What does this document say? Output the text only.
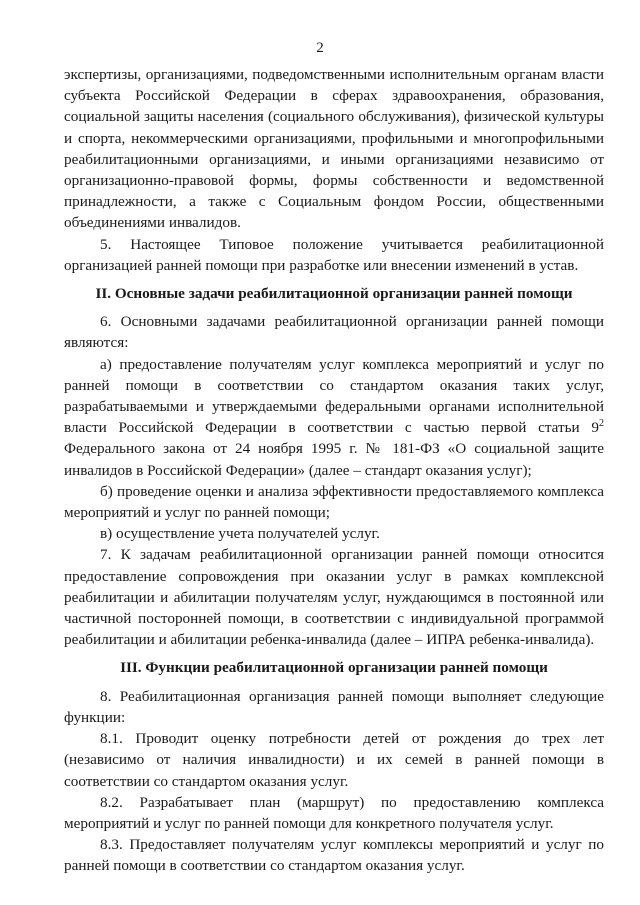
2

экспертизы, организациями, подведомственными исполнительным органам власти субъекта Российской Федерации в сферах здравоохранения, образования, социальной защиты населения (социального обслуживания), физической культуры и спорта, некоммерческими организациями, профильными и многопрофильными реабилитационными организациями, и иными организациями независимо от организационно-правовой формы, формы собственности и ведомственной принадлежности, а также с Социальным фондом России, общественными объединениями инвалидов.

5. Настоящее Типовое положение учитывается реабилитационной организацией ранней помощи при разработке или внесении изменений в устав.

II. Основные задачи реабилитационной организации ранней помощи

6. Основными задачами реабилитационной организации ранней помощи являются:

а) предоставление получателям услуг комплекса мероприятий и услуг по ранней помощи в соответствии со стандартом оказания таких услуг, разрабатываемыми и утверждаемыми федеральными органами исполнительной власти Российской Федерации в соответствии с частью первой статьи $9^2$ Федерального закона от 24 ноября 1995 г. № 181-ФЗ «О социальной защите инвалидов в Российской Федерации» (далее – стандарт оказания услуг);

б) проведение оценки и анализа эффективности предоставляемого комплекса мероприятий и услуг по ранней помощи;

в) осуществление учета получателей услуг.

7. К задачам реабилитационной организации ранней помощи относится предоставление сопровождения при оказании услуг в рамках комплексной реабилитации и абилитации получателям услуг, нуждающимся в постоянной или частичной посторонней помощи, в соответствии с индивидуальной программой реабилитации и абилитации ребенка-инвалида (далее – ИПРА ребенка-инвалида).

III. Функции реабилитационной организации ранней помощи

8. Реабилитационная организация ранней помощи выполняет следующие функции:

8.1. Проводит оценку потребности детей от рождения до трех лет (независимо от наличия инвалидности) и их семей в ранней помощи в соответствии со стандартом оказания услуг.

8.2. Разрабатывает план (маршрут) по предоставлению комплекса мероприятий и услуг по ранней помощи для конкретного получателя услуг.

8.3. Предоставляет получателям услуг комплексы мероприятий и услуг по ранней помощи в соответствии со стандартом оказания услуг.
